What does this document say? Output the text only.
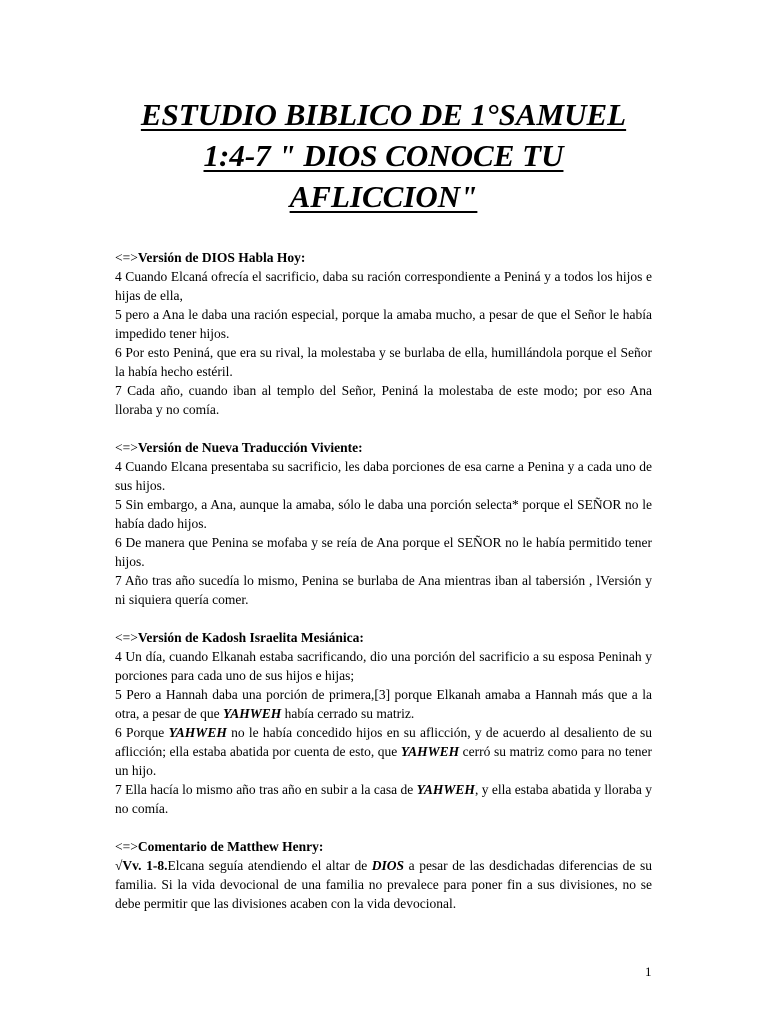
ESTUDIO BIBLICO DE 1°SAMUEL 1:4-7 " DIOS CONOCE TU AFLICCION"

<=>Versión de DIOS Habla Hoy:

4 Cuando Elcaná ofrecía el sacrificio, daba su ración correspondiente a Peniná y a todos los hijos e hijas de ella,

5 pero a Ana le daba una ración especial, porque la amaba mucho, a pesar de que el Señor le había impedido tener hijos.

6 Por esto Peniná, que era su rival, la molestaba y se burlaba de ella, humillándola porque el Señor la había hecho estéril.

7 Cada año, cuando iban al templo del Señor, Peniná la molestaba de este modo; por eso Ana lloraba y no comía.

<=>Versión de Nueva Traducción Viviente:

4 Cuando Elcana presentaba su sacrificio, les daba porciones de esa carne a Penina y a cada uno de sus hijos.

5 Sin embargo, a Ana, aunque la amaba, sólo le daba una porción selecta* porque el SEÑOR no le había dado hijos.

6 De manera que Penina se mofaba y se reía de Ana porque el SEÑOR no le había permitido tener hijos.

7 Año tras año sucedía lo mismo, Penina se burlaba de Ana mientras iban al tabersión , lVersión y ni siquiera quería comer.

<=>Versión de Kadosh Israelita Mesiánica:

4 Un día, cuando Elkanah estaba sacrificando, dio una porción del sacrificio a su esposa Peninah y porciones para cada uno de sus hijos e hijas;

5 Pero a Hannah daba una porción de primera,[3] porque Elkanah amaba a Hannah más que a la otra, a pesar de que YAHWEH había cerrado su matriz.

6 Porque YAHWEH no le había concedido hijos en su aflicción, y de acuerdo al desaliento de su aflicción; ella estaba abatida por cuenta de esto, que YAHWEH cerró su matriz como para no tener un hijo.

7 Ella hacía lo mismo año tras año en subir a la casa de YAHWEH, y ella estaba abatida y lloraba y no comía.

<=>Comentario de Matthew Henry:

√Vv. 1-8.Elcana seguía atendiendo el altar de DIOS a pesar de las desdichadas diferencias de su familia. Si la vida devocional de una familia no prevalece para poner fin a sus divisiones, no se debe permitir que las divisiones acaben con la vida devocional.

1
